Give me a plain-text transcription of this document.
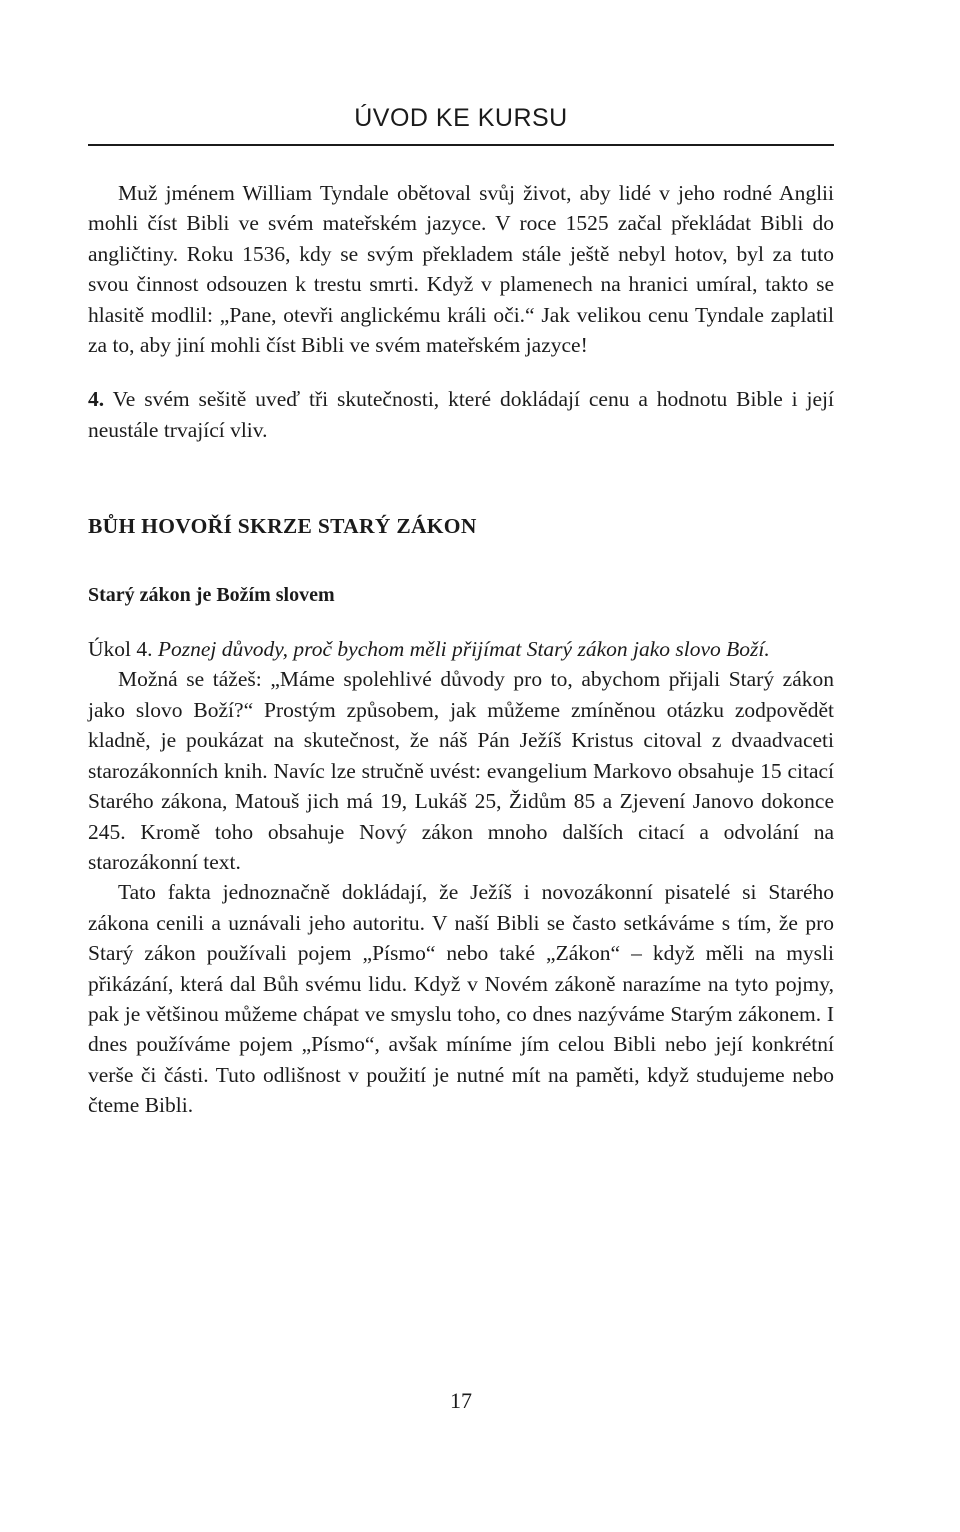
ÚVOD KE KURSU

Muž jménem William Tyndale obětoval svůj život, aby lidé v jeho rodné Anglii mohli číst Bibli ve svém mateřském jazyce. V roce 1525 začal překládat Bibli do angličtiny. Roku 1536, kdy se svým překladem stále ještě nebyl hotov, byl za tuto svou činnost odsouzen k trestu smrti. Když v plamenech na hranici umíral, takto se hlasitě modlil: „Pane, otevři anglickému králi oči.“ Jak velikou cenu Tyndale zaplatil za to, aby jiní mohli číst Bibli ve svém mateřském jazyce!

4. Ve svém sešitě uveď tři skutečnosti, které dokládají cenu a hodnotu Bible i její neustále trvající vliv.

BŮH HOVOŘÍ SKRZE STARÝ ZÁKON
Starý zákon je Božím slovem

Úkol 4. Poznej důvody, proč bychom měli přijímat Starý zákon jako slovo Boží.

Možná se tážeš: „Máme spolehlivé důvody pro to, abychom přijali Starý zákon jako slovo Boží?“ Prostým způsobem, jak můžeme zmíněnou otázku zodpovědět kladně, je poukázat na skutečnost, že náš Pán Ježíš Kristus citoval z dvaadvaceti starozákonních knih. Navíc lze stručně uvést: evangelium Markovo obsahuje 15 citací Starého zákona, Matouš jich má 19, Lukáš 25, Židům 85 a Zjevení Janovo dokonce 245. Kromě toho obsahuje Nový zákon mnoho dalších citací a odvolání na starozákonní text.

Tato fakta jednoznačně dokládají, že Ježíš i novozákonní pisatelé si Starého zákona cenili a uznávali jeho autoritu. V naší Bibli se často setkáváme s tím, že pro Starý zákon používali pojem „Písmo“ nebo také „Zákon“ – když měli na mysli přikázání, která dal Bůh svému lidu. Když v Novém zákoně narazíme na tyto pojmy, pak je většinou můžeme chápat ve smyslu toho, co dnes nazýváme Starým zákonem. I dnes používáme pojem „Písmo“, avšak míníme jím celou Bibli nebo její konkrétní verše či části. Tuto odlišnost v použití je nutné mít na paměti, když studujeme nebo čteme Bibli.

17
